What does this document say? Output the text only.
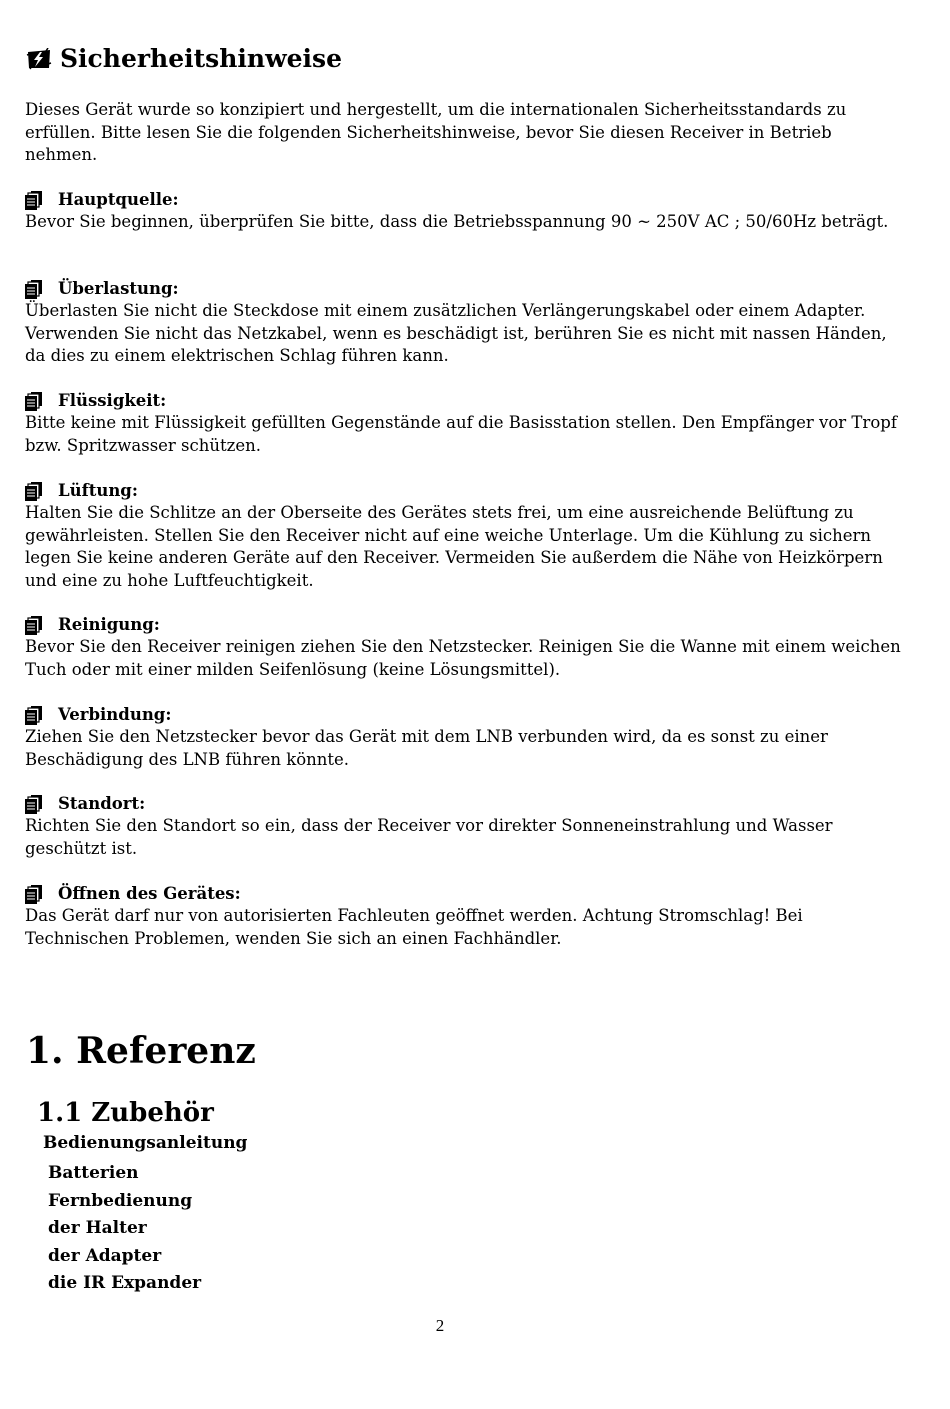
Sicherheitshinweise

Dieses Gerät wurde so konzipiert und hergestellt, um die internationalen Sicherheitsstandards zu erfüllen. Bitte lesen Sie die folgenden Sicherheitshinweise, bevor Sie diesen Receiver in Betrieb nehmen.

Hauptquelle:

Bevor Sie beginnen, überprüfen Sie bitte, dass die Betriebsspannung 90 ~ 250V AC ; 50/60Hz beträgt.

Überlastung:

Überlasten Sie nicht die Steckdose mit einem zusätzlichen Verlängerungskabel oder einem Adapter. Verwenden Sie nicht das Netzkabel, wenn es beschädigt ist, berühren Sie es nicht mit nassen Händen, da dies zu einem elektrischen Schlag führen kann.

Flüssigkeit:

Bitte keine mit Flüssigkeit gefüllten Gegenstände auf die Basisstation stellen. Den Empfänger vor Tropf bzw. Spritzwasser schützen.

Lüftung:

Halten Sie die Schlitze an der Oberseite des Gerätes stets frei, um eine ausreichende Belüftung zu gewährleisten. Stellen Sie den Receiver nicht auf eine weiche Unterlage. Um die Kühlung zu sichern legen Sie keine anderen Geräte auf den Receiver. Vermeiden Sie außerdem die Nähe von Heizkörpern und eine zu hohe Luftfeuchtigkeit.

Reinigung:

Bevor Sie den Receiver reinigen ziehen Sie den Netzstecker. Reinigen Sie die Wanne mit einem weichen Tuch oder mit einer milden Seifenlösung (keine Lösungsmittel).

Verbindung:

Ziehen Sie den Netzstecker bevor das Gerät mit dem LNB verbunden wird, da es sonst zu einer Beschädigung des LNB führen könnte.

Standort:

Richten Sie den Standort so ein, dass der Receiver vor direkter Sonneneinstrahlung und Wasser geschützt ist.

Öffnen des Gerätes:

Das Gerät darf nur von autorisierten Fachleuten geöffnet werden. Achtung Stromschlag! Bei Technischen Problemen, wenden Sie sich an einen Fachhändler.

1. Referenz
1.1 Zubehör
Bedienungsanleitung
Batterien
Fernbedienung
der Halter
der Adapter
die IR Expander
2
